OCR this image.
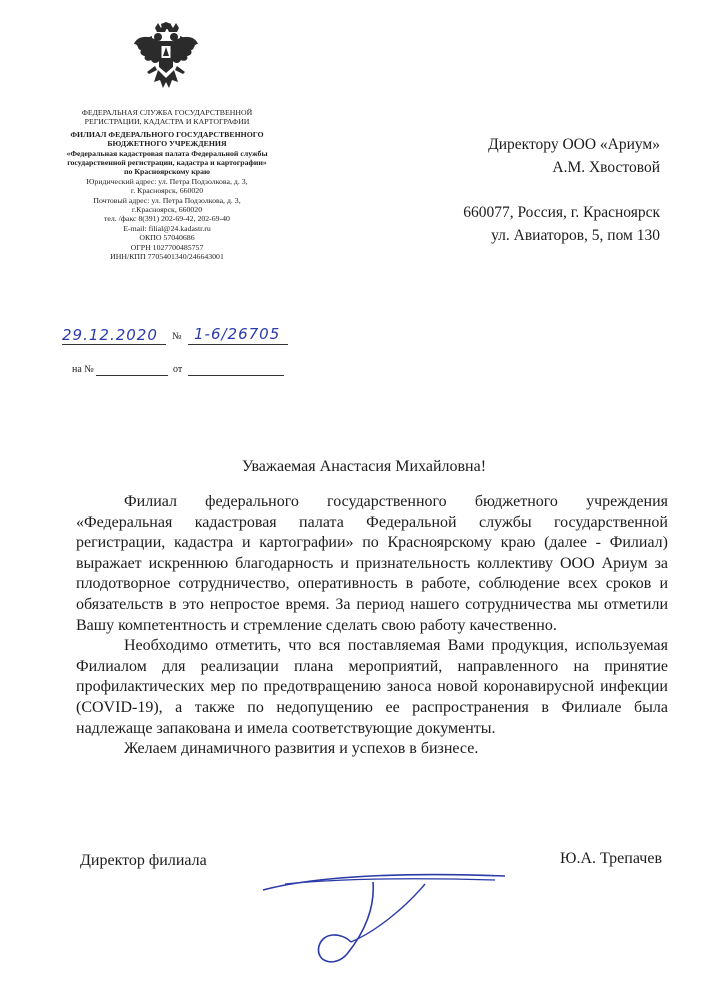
ФЕДЕРАЛЬНАЯ СЛУЖБА ГОСУДАРСТВЕННОЙ РЕГИСТРАЦИИ, КАДАСТРА И КАРТОГРАФИИ
ФИЛИАЛ ФЕДЕРАЛЬНОГО ГОСУДАРСТВЕННОГО БЮДЖЕТНОГО УЧРЕЖДЕНИЯ
«Федеральная кадастровая палата Федеральной службы государственной регистрации, кадастра и картографии»
по Красноярскому краю
Юридический адрес: ул. Петра Подзолкова, д. 3,
г. Красноярск, 660020
Почтовый адрес: ул. Петра Подзолкова, д. 3,
г.Красноярск, 660020
тел. /факс 8(391) 202-69-42, 202-69-40
E-mail: filial@24.kadastr.ru
ОКПО 57040686
ОГРН 1027700485757
ИНН/КПП 7705401340/246643001
29.12.2020 № 1-6/26705
на №	от
Директору ООО «Ариум»
А.М. Хвостовой
660077, Россия, г. Красноярск
ул. Авиаторов, 5, пом 130
Уважаемая Анастасия Михайловна!

Филиал федерального государственного бюджетного учреждения «Федеральная кадастровая палата Федеральной службы государственной регистрации, кадастра и картографии» по Красноярскому краю (далее - Филиал) выражает искреннюю благодарность и признательность коллективу ООО Ариум за плодотворное сотрудничество, оперативность в работе, соблюдение всех сроков и обязательств в это непростое время. За период нашего сотрудничества мы отметили Вашу компетентность и стремление сделать свою работу качественно.

Необходимо отметить, что вся поставляемая Вами продукция, используемая Филиалом для реализации плана мероприятий, направленного на принятие профилактических мер по предотвращению заноса новой коронавирусной инфекции (COVID-19), а также по недопущению ее распространения в Филиале была надлежаще запакована и имела соответствующие документы.

Желаем динамичного развития и успехов в бизнесе.

Директор филиала	Ю.А. Трепачев
